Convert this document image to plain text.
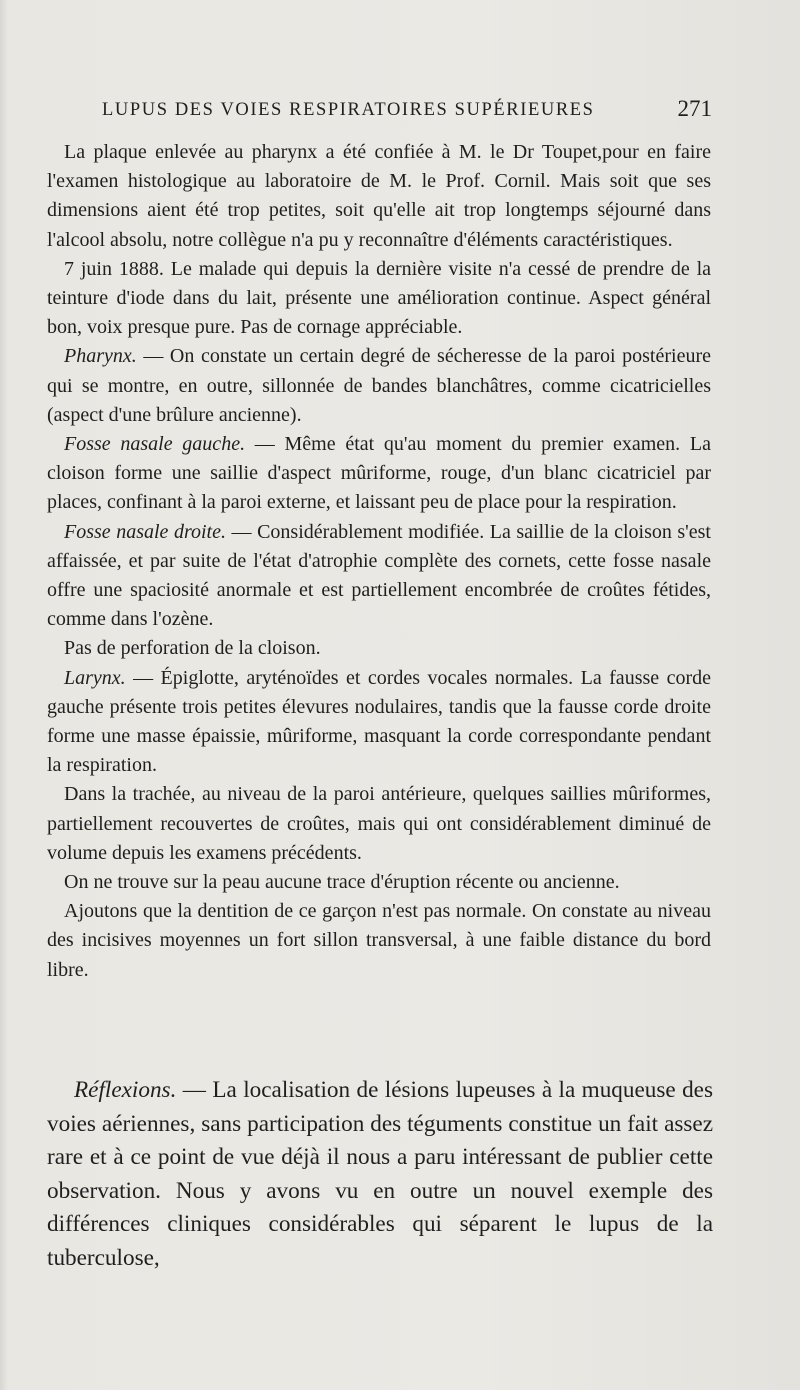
LUPUS DES VOIES RESPIRATOIRES SUPÉRIEURES	271

La plaque enlevée au pharynx a été confiée à M. le Dr Toupet,pour en faire l'examen histologique au laboratoire de M. le Prof. Cornil. Mais soit que ses dimensions aient été trop petites, soit qu'elle ait trop longtemps séjourné dans l'alcool absolu, notre collègue n'a pu y reconnaître d'éléments caractéristiques.

7 juin 1888. Le malade qui depuis la dernière visite n'a cessé de prendre de la teinture d'iode dans du lait, présente une amélioration continue. Aspect général bon, voix presque pure. Pas de cornage appréciable.

Pharynx. — On constate un certain degré de sécheresse de la paroi postérieure qui se montre, en outre, sillonnée de bandes blanchâtres, comme cicatricielles (aspect d'une brûlure ancienne).

Fosse nasale gauche. — Même état qu'au moment du premier examen. La cloison forme une saillie d'aspect mûriforme, rouge, d'un blanc cicatriciel par places, confinant à la paroi externe, et laissant peu de place pour la respiration.

Fosse nasale droite. — Considérablement modifiée. La saillie de la cloison s'est affaissée, et par suite de l'état d'atrophie complète des cornets, cette fosse nasale offre une spaciosité anormale et est partiellement encombrée de croûtes fétides, comme dans l'ozène.

Pas de perforation de la cloison.

Larynx. — Épiglotte, aryténoïdes et cordes vocales normales. La fausse corde gauche présente trois petites élevures nodulaires, tandis que la fausse corde droite forme une masse épaissie, mûriforme, masquant la corde correspondante pendant la respiration.

Dans la trachée, au niveau de la paroi antérieure, quelques saillies mûriformes, partiellement recouvertes de croûtes, mais qui ont considérablement diminué de volume depuis les examens précédents.

On ne trouve sur la peau aucune trace d'éruption récente ou ancienne.

Ajoutons que la dentition de ce garçon n'est pas normale. On constate au niveau des incisives moyennes un fort sillon transversal, à une faible distance du bord libre.

Réflexions. — La localisation de lésions lupeuses à la muqueuse des voies aériennes, sans participation des téguments constitue un fait assez rare et à ce point de vue déjà il nous a paru intéressant de publier cette observation. Nous y avons vu en outre un nouvel exemple des différences cliniques considérables qui séparent le lupus de la tuberculose,
